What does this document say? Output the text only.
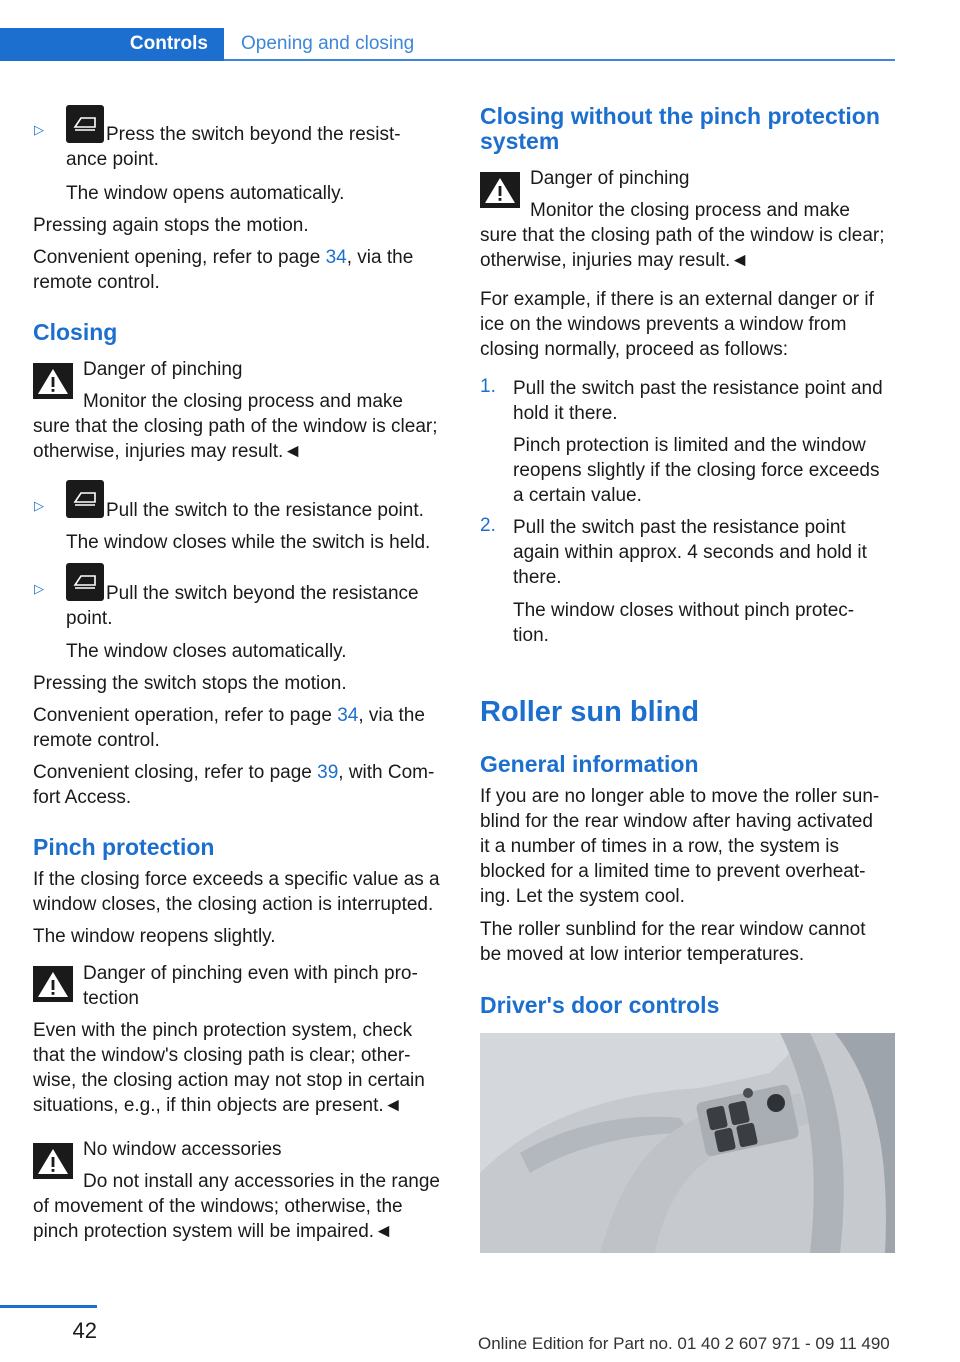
Controls	Opening and closing
▷	Press the switch beyond the resist-

ance point.

The window opens automatically.

Pressing again stops the motion.

Convenient opening, refer to page 34, via the

remote control.

Closing

Danger of pinching

Monitor the closing process and make

sure that the closing path of the window is clear;

otherwise, injuries may result.◄

▷	Pull the switch to the resistance point.

The window closes while the switch is held.

▷	Pull the switch beyond the resistance

point.

The window closes automatically.

Pressing the switch stops the motion.

Convenient operation, refer to page 34, via the

remote control.

Convenient closing, refer to page 39, with Com-

fort Access.

Pinch protection

If the closing force exceeds a specific value as a

window closes, the closing action is interrupted.

The window reopens slightly.

Danger of pinching even with pinch pro-

tection

Even with the pinch protection system, check

that the window's closing path is clear; other-

wise, the closing action may not stop in certain

situations, e.g., if thin objects are present.◄

No window accessories

Do not install any accessories in the range

of movement of the windows; otherwise, the

pinch protection system will be impaired.◄

Closing without the pinch protection
system

Danger of pinching

Monitor the closing process and make

sure that the closing path of the window is clear;

otherwise, injuries may result.◄

For example, if there is an external danger or if

ice on the windows prevents a window from

closing normally, proceed as follows:

1. Pull the switch past the resistance point and

hold it there.

Pinch protection is limited and the window

reopens slightly if the closing force exceeds

a certain value.

2. Pull the switch past the resistance point

again within approx. 4 seconds and hold it

there.

The window closes without pinch protec-

tion.

Roller sun blind
General information

If you are no longer able to move the roller sun-

blind for the rear window after having activated

it a number of times in a row, the system is

blocked for a limited time to prevent overheat-

ing. Let the system cool.

The roller sunblind for the rear window cannot

be moved at low interior temperatures.

Driver's door controls
42
Online Edition for Part no. 01 40 2 607 971 - 09 11 490
